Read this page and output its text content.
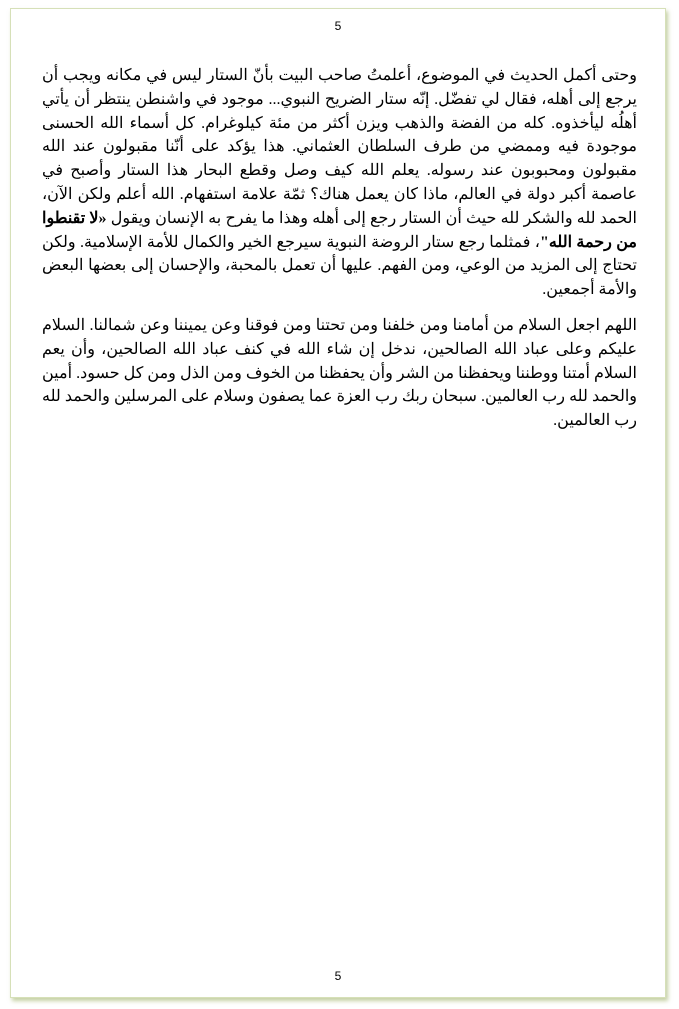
5

وحتى أكمل الحديث في الموضوع، أعلمتُ صاحب البيت بأنّ الستار ليس في مكانه ويجب أن يرجع إلى أهله، فقال لي تفضّل. إنّه ستار الضريح النبوي... موجود في واشنطن ينتظر أن يأتي أهلُه ليأخذوه. كله من الفضة والذهب ويزن أكثر من مئة كيلوغرام. كل أسماء الله الحسنى موجودة فيه وممضي من طرف السلطان العثماني. هذا يؤكد على أنّنا مقبولون عند الله مقبولون ومحبوبون عند رسوله. يعلم الله كيف وصل وقطع البحار هذا الستار وأصبح في عاصمة أكبر دولة في العالم، ماذا كان يعمل هناك؟ ثمّة علامة استفهام. الله أعلم ولكن الآن، الحمد لله والشكر لله حيث أن الستار رجع إلى أهله وهذا ما يفرح به الإنسان ويقول «لا تقنطوا من رحمة الله"، فمثلما رجع ستار الروضة النبوية سيرجع الخير والكمال للأمة الإسلامية. ولكن تحتاج إلى المزيد من الوعي، ومن الفهم. عليها أن تعمل بالمحبة، والإحسان إلى بعضها البعض والأمة أجمعين.

اللهم اجعل السلام من أمامنا ومن خلفنا ومن تحتنا ومن فوقنا وعن يميننا وعن شمالنا. السلام عليكم وعلى عباد الله الصالحين، ندخل إن شاء الله في كنف عباد الله الصالحين، وأن يعم السلام أمتنا ووطننا ويحفظنا من الشر وأن يحفظنا من الخوف ومن الذل ومن كل حسود. أمين والحمد لله رب العالمين. سبحان ربك رب العزة عما يصفون وسلام على المرسلين والحمد لله رب العالمين.

5
